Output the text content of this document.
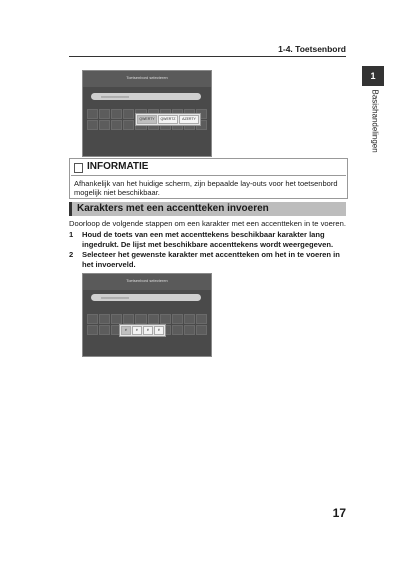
1-4. Toetsenbord
1
Basishandelingen
Toetsenbord selecteren
xxxxxxxxxxxxxx
QWERTY	QWERTZ	AZERTY
INFORMATIE
Afhankelijk van het huidige scherm, zijn bepaalde lay-outs voor het toetsenbord mogelijk niet beschikbaar.
Karakters met een accentteken invoeren
Doorloop de volgende stappen om een karakter met een accentteken in te voeren.
1 Houd de toets van een met accenttekens beschikbaar karakter lang ingedrukt. De lijst met beschikbare accenttekens wordt weergegeven.
2 Selecteer het gewenste karakter met accentteken om het in te voeren in het invoerveld.
Toetsenbord selecteren
xxxxxxxxxxxxxx
é	è	ê	ë
17
